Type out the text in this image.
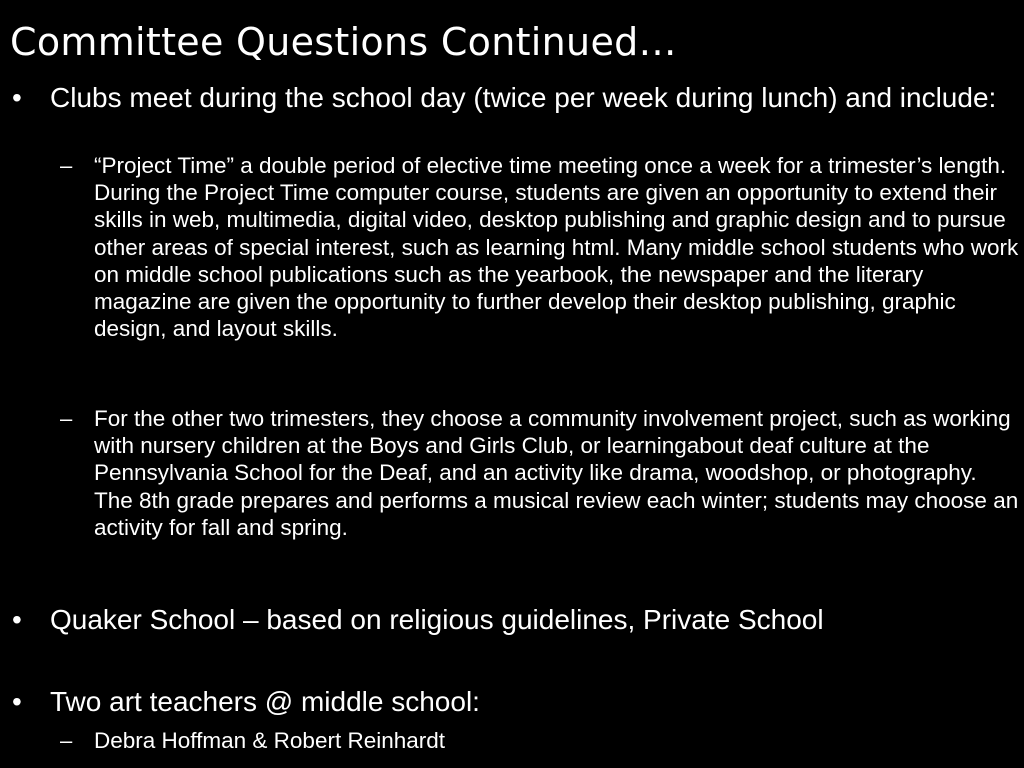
Committee Questions Continued…
• Clubs meet during the school day (twice per week during lunch) and include:
– “Project Time” a double period of elective time meeting once a week for a trimester’s length. During the Project Time computer course, students are given an opportunity to extend their skills in web, multimedia, digital video, desktop publishing and graphic design and to pursue other areas of special interest, such as learning html. Many middle school students who work on middle school publications such as the yearbook, the newspaper and the literary magazine are given the opportunity to further develop their desktop publishing, graphic design, and layout skills.
– For the other two trimesters, they choose a community involvement project, such as working with nursery children at the Boys and Girls Club, or learningabout deaf culture at the Pennsylvania School for the Deaf, and an activity like drama, woodshop, or photography. The 8th grade prepares and performs a musical review each winter; students may choose an activity for fall and spring.
• Quaker School – based on religious guidelines, Private School
• Two art teachers @ middle school:
– Debra Hoffman & Robert Reinhardt
